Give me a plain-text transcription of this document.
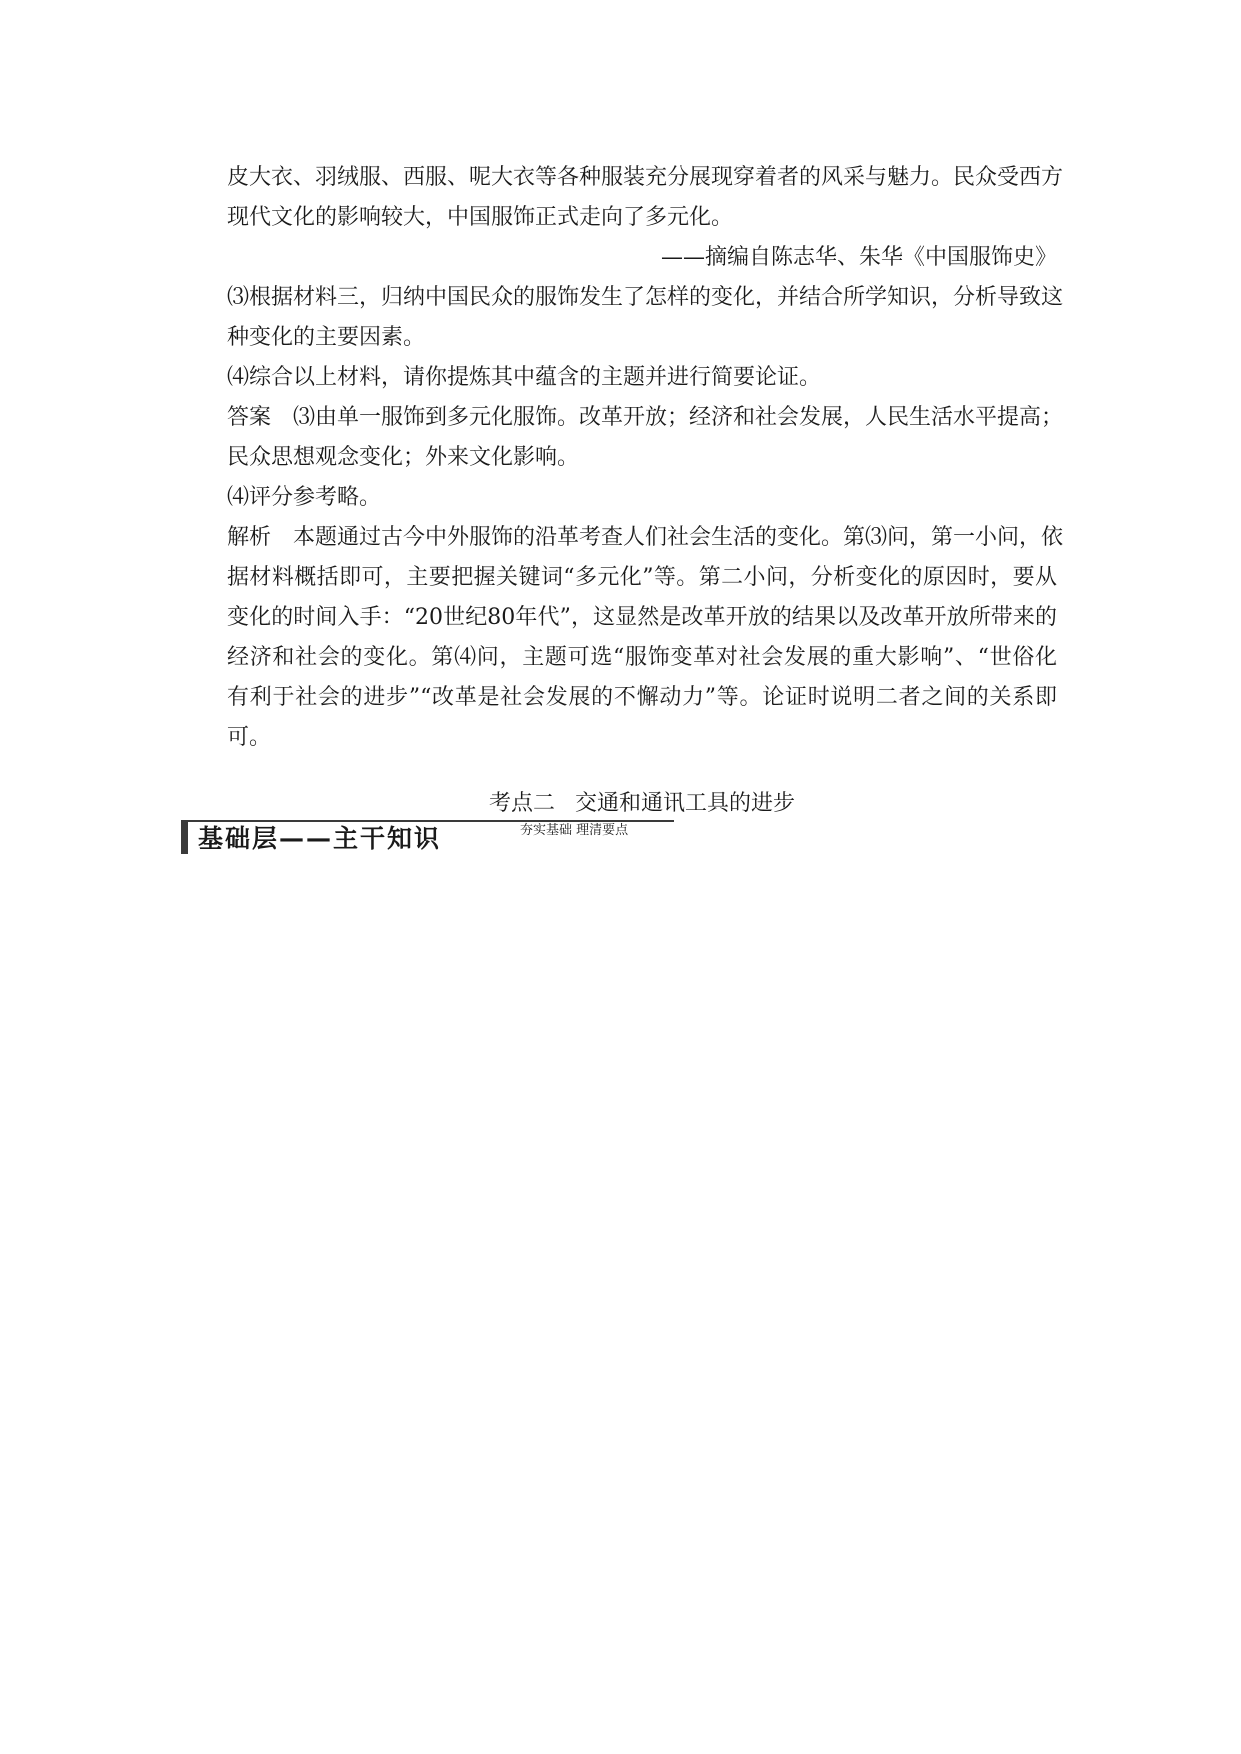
皮大衣、羽绒服、西服、呢大衣等各种服装充分展现穿着者的风采与魅力。民众受西方

现代文化的影响较大，中国服饰正式走向了多元化。

——摘编自陈志华、朱华《中国服饰史》

⑶根据材料三，归纳中国民众的服饰发生了怎样的变化，并结合所学知识，分析导致这

种变化的主要因素。

⑷综合以上材料，请你提炼其中蕴含的主题并进行简要论证。

答案 ⑶由单一服饰到多元化服饰。改革开放；经济和社会发展，人民生活水平提高；

民众思想观念变化；外来文化影响。

⑷评分参考略。

解析 本题通过古今中外服饰的沿革考查人们社会生活的变化。第⑶问，第一小问，依

据材料概括即可，主要把握关键词“多元化”等。第二小问，分析变化的原因时，要从

变化的时间入手：“20世纪80年代”，这显然是改革开放的结果以及改革开放所带来的

经济和社会的变化。第⑷问，主题可选“服饰变革对社会发展的重大影响”、“世俗化

有利于社会的进步”“改革是社会发展的不懈动力”等。论证时说明二者之间的关系即

可。

考点二 交通和通讯工具的进步
基础层——主干知识	夯实基础 理清要点
